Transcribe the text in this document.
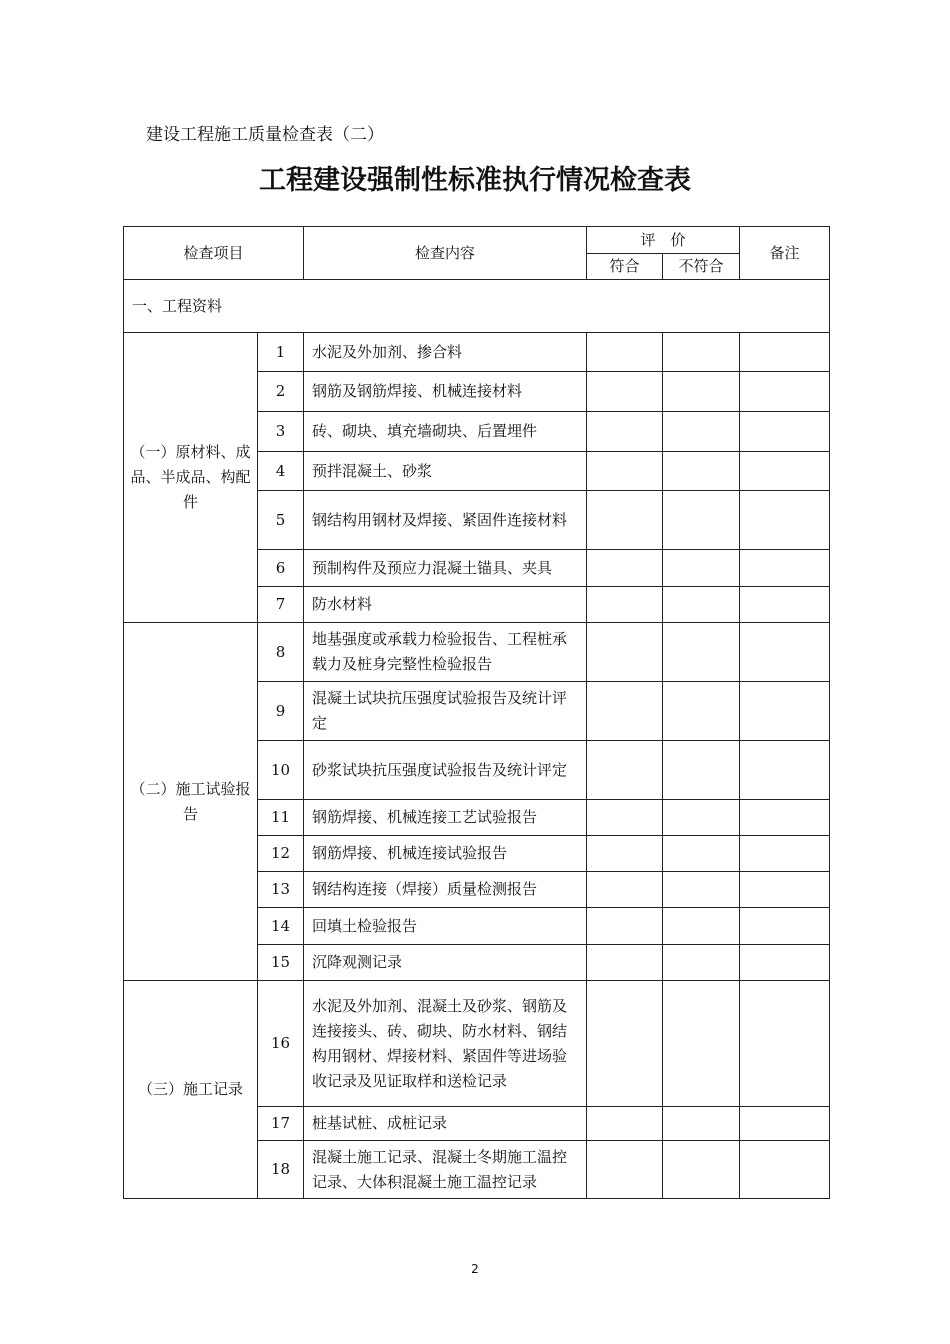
建设工程施工质量检查表（二）
工程建设强制性标准执行情况检查表
检查项目		检查内容	评　价		备注
			符合	不符合	
一、工程资料					
（一）原材料、成品、半成品、构配件	1	水泥及外加剂、掺合料			
	2	钢筋及钢筋焊接、机械连接材料			
	3	砖、砌块、填充墙砌块、后置埋件			
	4	预拌混凝土、砂浆			
	5	钢结构用钢材及焊接、紧固件连接材料			
	6	预制构件及预应力混凝土锚具、夹具			
	7	防水材料			
（二）施工试验报告	8	地基强度或承载力检验报告、工程桩承载力及桩身完整性检验报告			
	9	混凝土试块抗压强度试验报告及统计评定			
	10	砂浆试块抗压强度试验报告及统计评定			
	11	钢筋焊接、机械连接工艺试验报告			
	12	钢筋焊接、机械连接试验报告			
	13	钢结构连接（焊接）质量检测报告			
	14	回填土检验报告			
	15	沉降观测记录			
（三）施工记录	16	水泥及外加剂、混凝土及砂浆、钢筋及连接接头、砖、砌块、防水材料、钢结构用钢材、焊接材料、紧固件等进场验收记录及见证取样和送检记录			
	17	桩基试桩、成桩记录			
	18	混凝土施工记录、混凝土冬期施工温控记录、大体积混凝土施工温控记录			
2
